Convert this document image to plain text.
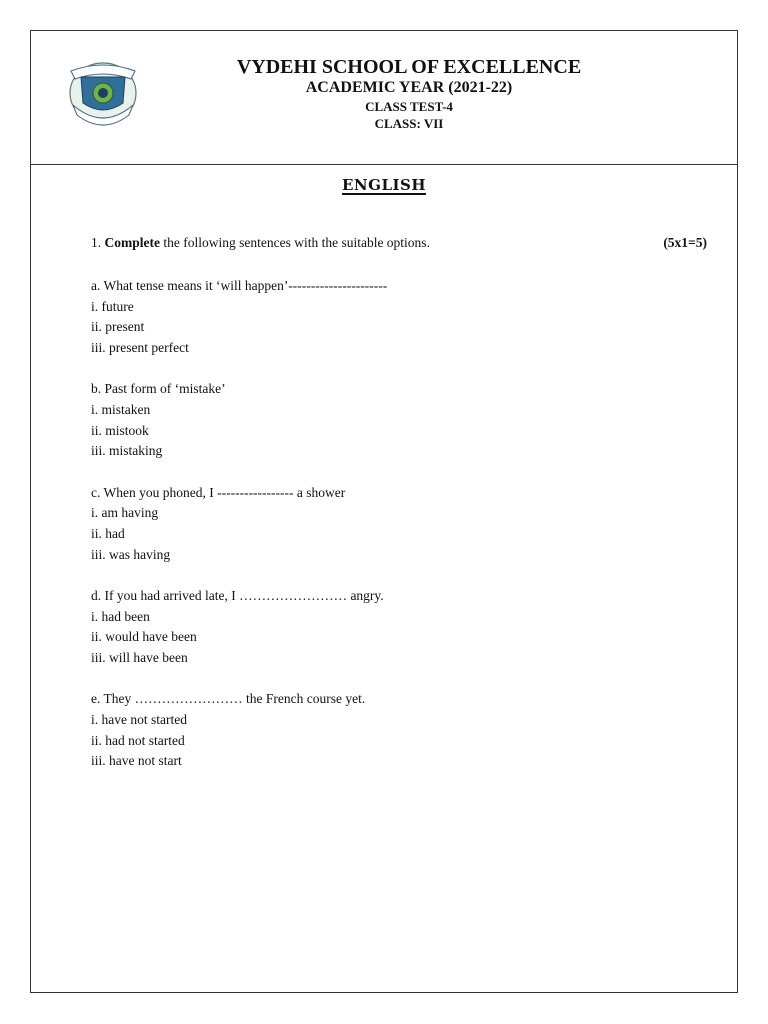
VYDEHI SCHOOL OF EXCELLENCE
ACADEMIC YEAR (2021-22)
CLASS TEST-4
CLASS: VII
ENGLISH
1. Complete the following sentences with the suitable options.	(5x1=5)
a. What tense means it ‘will happen’----------------------
i. future
ii. present
iii. present perfect
b. Past form of ‘mistake’
i. mistaken
ii. mistook
iii. mistaking
c. When you phoned, I ----------------- a shower
i. am having
ii. had
iii. was having
d. If you had arrived late, I …………………… angry.
i. had been
ii. would have been
iii. will have been
e. They …………………… the French course yet.
i. have not started
ii. had not started
iii. have not start
